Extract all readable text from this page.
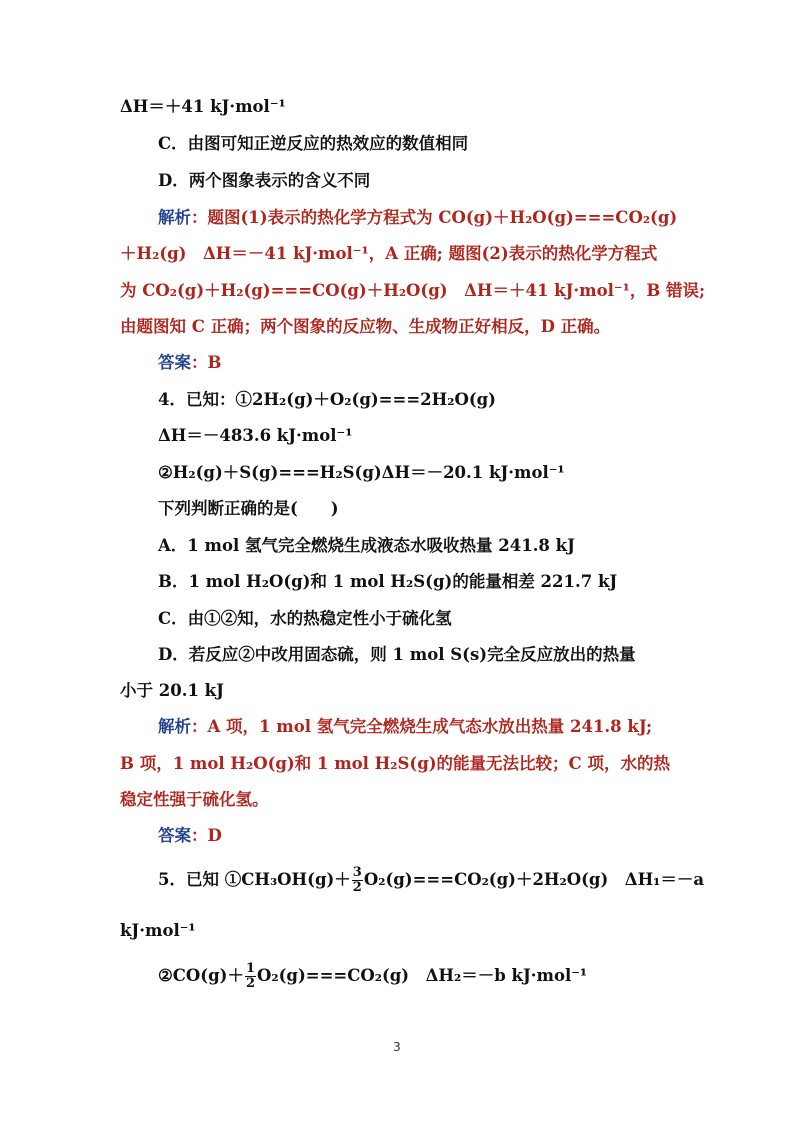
ΔH＝＋41 kJ·mol⁻¹
C．由图可知正逆反应的热效应的数值相同
D．两个图象表示的含义不同
解析：题图(1)表示的热化学方程式为 CO(g)＋H₂O(g)===CO₂(g)
＋H₂(g)　ΔH＝－41 kJ·mol⁻¹，A 正确; 题图(2)表示的热化学方程式
为 CO₂(g)＋H₂(g)===CO(g)＋H₂O(g)　ΔH＝＋41 kJ·mol⁻¹，B 错误;
由题图知 C 正确；两个图象的反应物、生成物正好相反，D 正确。
答案：B
4．已知：①2H₂(g)＋O₂(g)===2H₂O(g)
ΔH＝－483.6 kJ·mol⁻¹
②H₂(g)＋S(g)===H₂S(g)ΔH＝－20.1 kJ·mol⁻¹
下列判断正确的是(　　)
A．1 mol 氢气完全燃烧生成液态水吸收热量 241.8 kJ
B．1 mol H₂O(g)和 1 mol H₂S(g)的能量相差 221.7 kJ
C．由①②知，水的热稳定性小于硫化氢
D．若反应②中改用固态硫，则 1 mol S(s)完全反应放出的热量
小于 20.1 kJ
解析：A 项，1 mol 氢气完全燃烧生成气态水放出热量 241.8 kJ;
B 项，1 mol H₂O(g)和 1 mol H₂S(g)的能量无法比较；C 项，水的热
稳定性强于硫化氢。
答案：D
5．已知 ①CH₃OH(g)＋ $\frac{3}{2} O_2(g)===CO_2(g)+2H_2O(g)$　ΔH₁＝－a
kJ·mol⁻¹
②CO(g)＋ $\frac{1}{2} O_2(g)===CO_2(g)$　ΔH₂＝－b kJ·mol⁻¹
3
